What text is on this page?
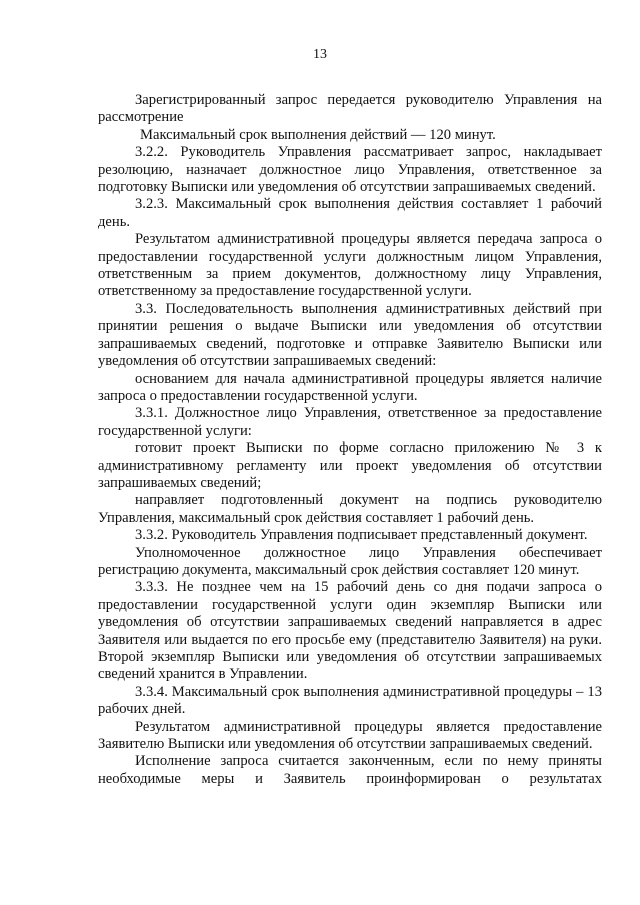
13

Зарегистрированный запрос передается руководителю Управления на рассмотрение

Максимальный срок выполнения действий — 120 минут.

3.2.2. Руководитель Управления рассматривает запрос, накладывает резолюцию, назначает должностное лицо Управления, ответственное за подготовку Выписки или уведомления об отсутствии запрашиваемых сведений.

3.2.3. Максимальный срок выполнения действия составляет 1 рабочий день.

Результатом административной процедуры является передача запроса о предоставлении государственной услуги должностным лицом Управления, ответственным за прием документов, должностному лицу Управления, ответственному за предоставление государственной услуги.

3.3. Последовательность выполнения административных действий при принятии решения о выдаче Выписки или уведомления об отсутствии запрашиваемых сведений, подготовке и отправке Заявителю Выписки или уведомления об отсутствии запрашиваемых сведений:

основанием для начала административной процедуры является наличие запроса о предоставлении государственной услуги.

3.3.1. Должностное лицо Управления, ответственное за предоставление государственной услуги:

готовит проект Выписки по форме согласно приложению № 3 к административному регламенту или проект уведомления об отсутствии запрашиваемых сведений;

направляет подготовленный документ на подпись руководителю Управления, максимальный срок действия составляет 1 рабочий день.

3.3.2. Руководитель Управления подписывает представленный документ.

Уполномоченное должностное лицо Управления обеспечивает регистрацию документа, максимальный срок действия составляет 120 минут.

3.3.3. Не позднее чем на 15 рабочий день со дня подачи запроса о предоставлении государственной услуги один экземпляр Выписки или уведомления об отсутствии запрашиваемых сведений направляется в адрес Заявителя или выдается по его просьбе ему (представителю Заявителя) на руки. Второй экземпляр Выписки или уведомления об отсутствии запрашиваемых сведений хранится в Управлении.

3.3.4. Максимальный срок выполнения административной процедуры – 13 рабочих дней.

Результатом административной процедуры является предоставление Заявителю Выписки или уведомления об отсутствии запрашиваемых сведений.

Исполнение запроса считается законченным, если по нему приняты необходимые меры и Заявитель проинформирован о результатах
